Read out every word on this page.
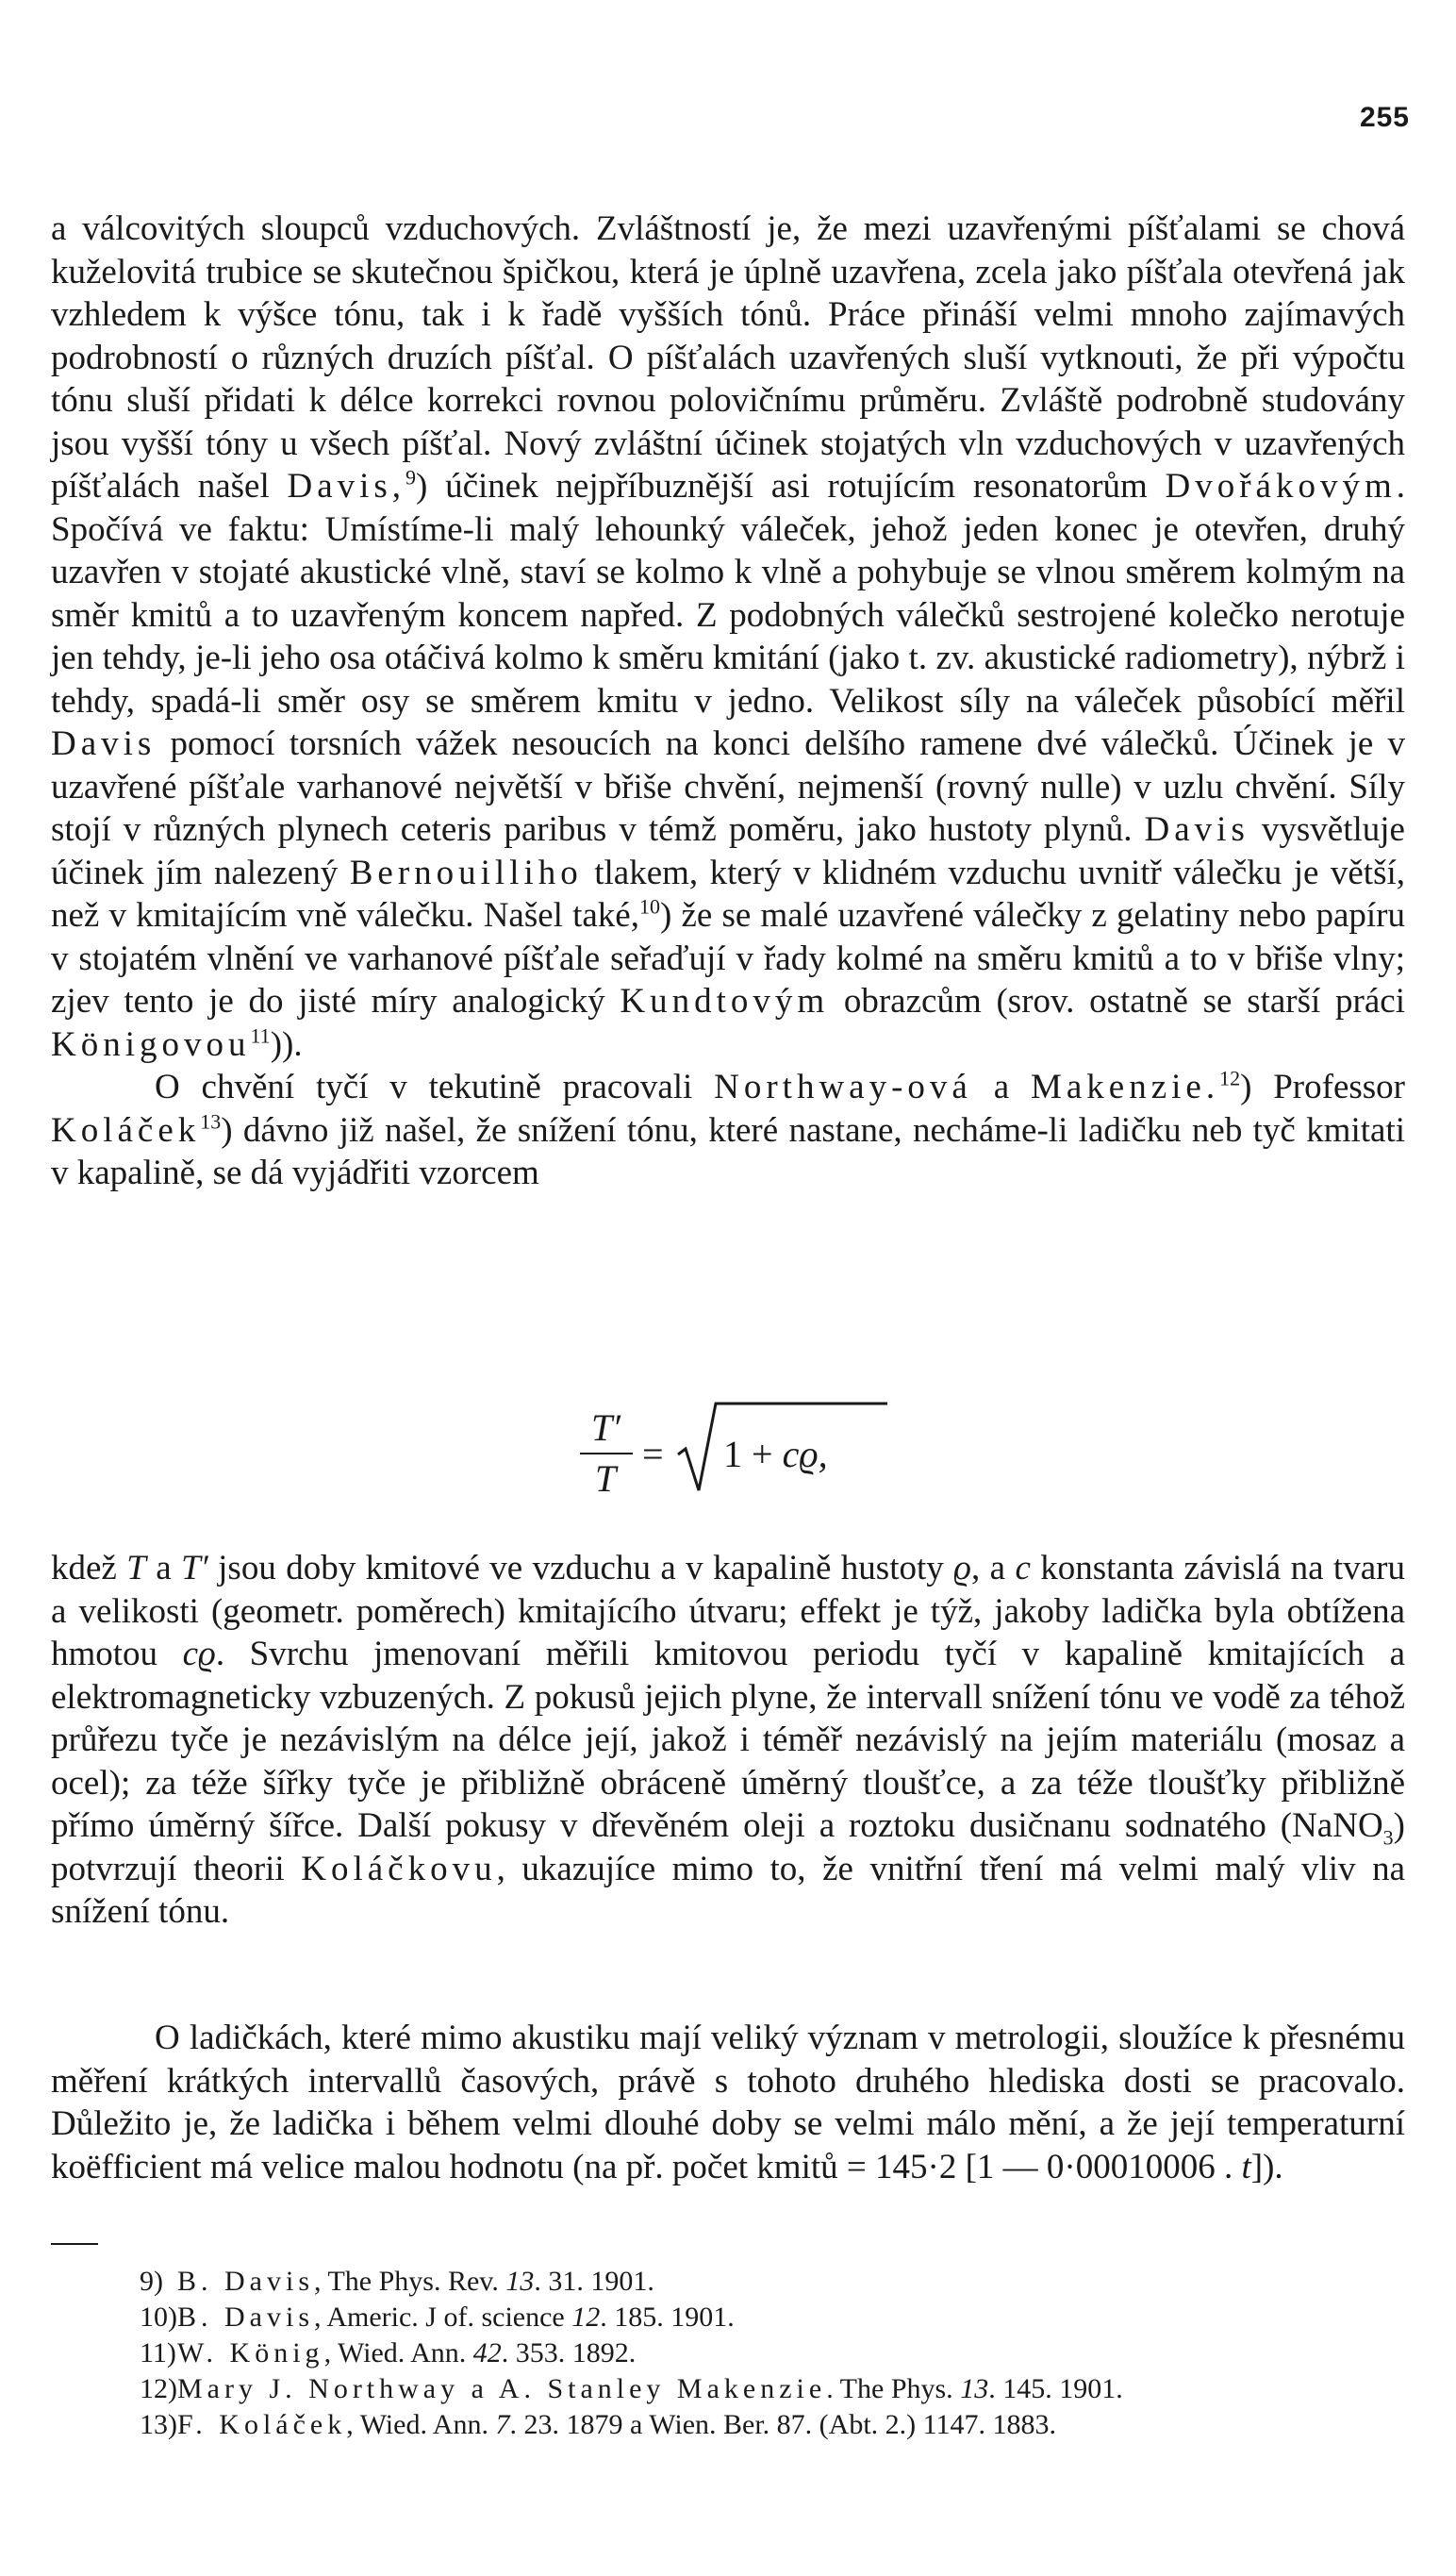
255

a válcovitých sloupců vzduchových. Zvláštností je, že mezi uzavřenými píšťalami se chová kuželovitá trubice se skutečnou špičkou, která je úplně uzavřena, zcela jako píšťala otevřená jak vzhledem k výšce tónu, tak i k řadě vyšších tónů. Práce přináší velmi mnoho zajímavých podrobností o různých druzích píšťal. O píšťalách uzavřených sluší vytknouti, že při výpočtu tónu sluší přidati k délce korrekci rovnou polovičnímu průměru. Zvláště podrobně studovány jsou vyšší tóny u všech píšťal. Nový zvláštní účinek stojatých vln vzduchových v uzavřených píšťalách našel Davis,$^9$) účinek nejpříbuznější asi rotujícím resonatorům Dvořákovým. Spočívá ve faktu: Umístíme-li malý lehounký váleček, jehož jeden konec je otevřen, druhý uzavřen v stojaté akustické vlně, staví se kolmo k vlně a pohybuje se vlnou směrem kolmým na směr kmitů a to uzavřeným koncem napřed. Z podobných válečků sestrojené kolečko nerotuje jen tehdy, je-li jeho osa otáčivá kolmo k směru kmitání (jako t. zv. akustické radiometry), nýbrž i tehdy, spadá-li směr osy se směrem kmitu v jedno. Velikost síly na váleček působící měřil Davis pomocí torsních vážek nesoucích na konci delšího ramene dvé válečků. Účinek je v uzavřené píšťale varhanové největší v břiše chvění, nejmenší (rovný nulle) v uzlu chvění. Síly stojí v různých plynech ceteris paribus v témž poměru, jako hustoty plynů. Davis vysvětluje účinek jím nalezený Bernouilliho tlakem, který v klidném vzduchu uvnitř válečku je větší, než v kmitajícím vně válečku. Našel také,$^{10}$) že se malé uzavřené válečky z gelatiny nebo papíru v stojatém vlnění ve varhanové píšťale seřaďují v řady kolmé na směru kmitů a to v břiše vlny; zjev tento je do jisté míry analogický Kundtovým obrazcům (srov. ostatně se starší práci Königovou$^{11}$)).

O chvění tyčí v tekutině pracovali Northway-ová a Makenzie.$^{12}$) Professor Koláček$^{13}$) dávno již našel, že snížení tónu, které nastane, necháme-li ladičku neb tyč kmitati v kapalině, se dá vyjádřiti vzorcem

T′
T
= 1 + cϱ,

kdež T a T′ jsou doby kmitové ve vzduchu a v kapalině hustoty ϱ, a c konstanta závislá na tvaru a velikosti (geometr. poměrech) kmitajícího útvaru; effekt je týž, jakoby ladička byla obtížena hmotou cϱ. Svrchu jmenovaní měřili kmitovou periodu tyčí v kapalině kmitajících a elektromagneticky vzbuzených. Z pokusů jejich plyne, že intervall snížení tónu ve vodě za téhož průřezu tyče je nezávislým na délce její, jakož i téměř nezávislý na jejím materiálu (mosaz a ocel); za téže šířky tyče je přibližně obráceně úměrný tloušťce, a za téže tloušťky přibližně přímo úměrný šířce. Další pokusy v dřevěném oleji a roztoku dusičnanu sodnatého (NaNO$_3$) potvrzují theorii Koláčkovu, ukazujíce mimo to, že vnitřní tření má velmi malý vliv na snížení tónu.

O ladičkách, které mimo akustiku mají veliký význam v metrologii, sloužíce k přesnému měření krátkých intervallů časových, právě s tohoto druhého hlediska dosti se pracovalo. Důležito je, že ladička i během velmi dlouhé doby se velmi málo mění, a že její temperaturní koëfficient má velice malou hodnotu (na př. počet kmitů = 145·2 [1 — 0·00010006 . t]).

9) B. Davis, The Phys. Rev. 13. 31. 1901.
10)B. Davis, Americ. J of. science 12. 185. 1901.
11)W. König, Wied. Ann. 42. 353. 1892.
12)Mary J. Northway a A. Stanley Makenzie. The Phys. 13. 145. 1901.
13)F. Koláček, Wied. Ann. 7. 23. 1879 a Wien. Ber. 87. (Abt. 2.) 1147. 1883.
